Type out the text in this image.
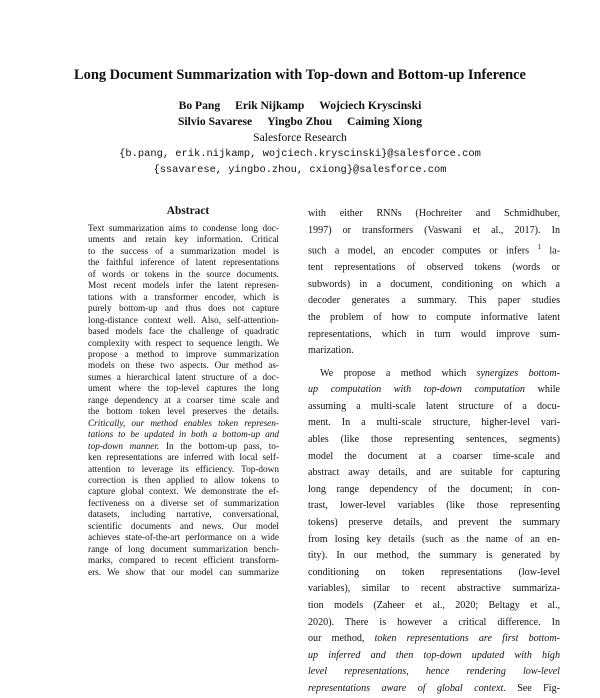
Long Document Summarization with Top-down and Bottom-up Inference
Bo Pang Erik Nijkamp Wojciech Kryscinski
Silvio Savarese Yingbo Zhou Caiming Xiong
Salesforce Research
{b.pang, erik.nijkamp, wojciech.kryscinski}@salesforce.com
{ssavarese, yingbo.zhou, cxiong}@salesforce.com
Abstract
Text summarization aims to condense long doc-
uments and retain key information. Critical
to the success of a summarization model is
the faithful inference of latent representations
of words or tokens in the source documents.
Most recent models infer the latent represen-
tations with a transformer encoder, which is
purely bottom-up and thus does not capture
long-distance context well. Also, self-attention-
based models face the challenge of quadratic
complexity with respect to sequence length. We
propose a method to improve summarization
models on these two aspects. Our method as-
sumes a hierarchical latent structure of a doc-
ument where the top-level captures the long
range dependency at a coarser time scale and
the bottom token level preserves the details.
Critically, our method enables token represen-
tations to be updated in both a bottom-up and
top-down manner. In the bottom-up pass, to-
ken representations are inferred with local self-
attention to leverage its efficiency. Top-down
correction is then applied to allow tokens to
capture global context. We demonstrate the ef-
fectiveness on a diverse set of summarization
datasets, including narrative, conversational,
scientific documents and news. Our model
achieves state-of-the-art performance on a wide
range of long document summarization bench-
marks, compared to recent efficient transform-
ers. We show that our model can summarize
with either RNNs (Hochreiter and Schmidhuber,
1997) or transformers (Vaswani et al., 2017). In
such a model, an encoder computes or infers $^1$ la-
tent representations of observed tokens (words or
subwords) in a document, conditioning on which a
decoder generates a summary. This paper studies
the problem of how to compute informative latent
representations, which in turn would improve sum-
marization.
We propose a method which synergizes bottom-
up computation with top-down computation while
assuming a multi-scale latent structure of a docu-
ment. In a multi-scale structure, higher-level vari-
ables (like those representing sentences, segments)
model the document at a coarser time-scale and
abstract away details, and are suitable for capturing
long range dependency of the document; in con-
trast, lower-level variables (like those representing
tokens) preserve details, and prevent the summary
from losing key details (such as the name of an en-
tity). In our method, the summary is generated by
conditioning on token representations (low-level
variables), similar to recent abstractive summariza-
tion models (Zaheer et al., 2020; Beltagy et al.,
2020). There is however a critical difference. In
our method, token representations are first bottom-
up inferred and then top-down updated with high
level representations, hence rendering low-level
representations aware of global context. See Fig-
